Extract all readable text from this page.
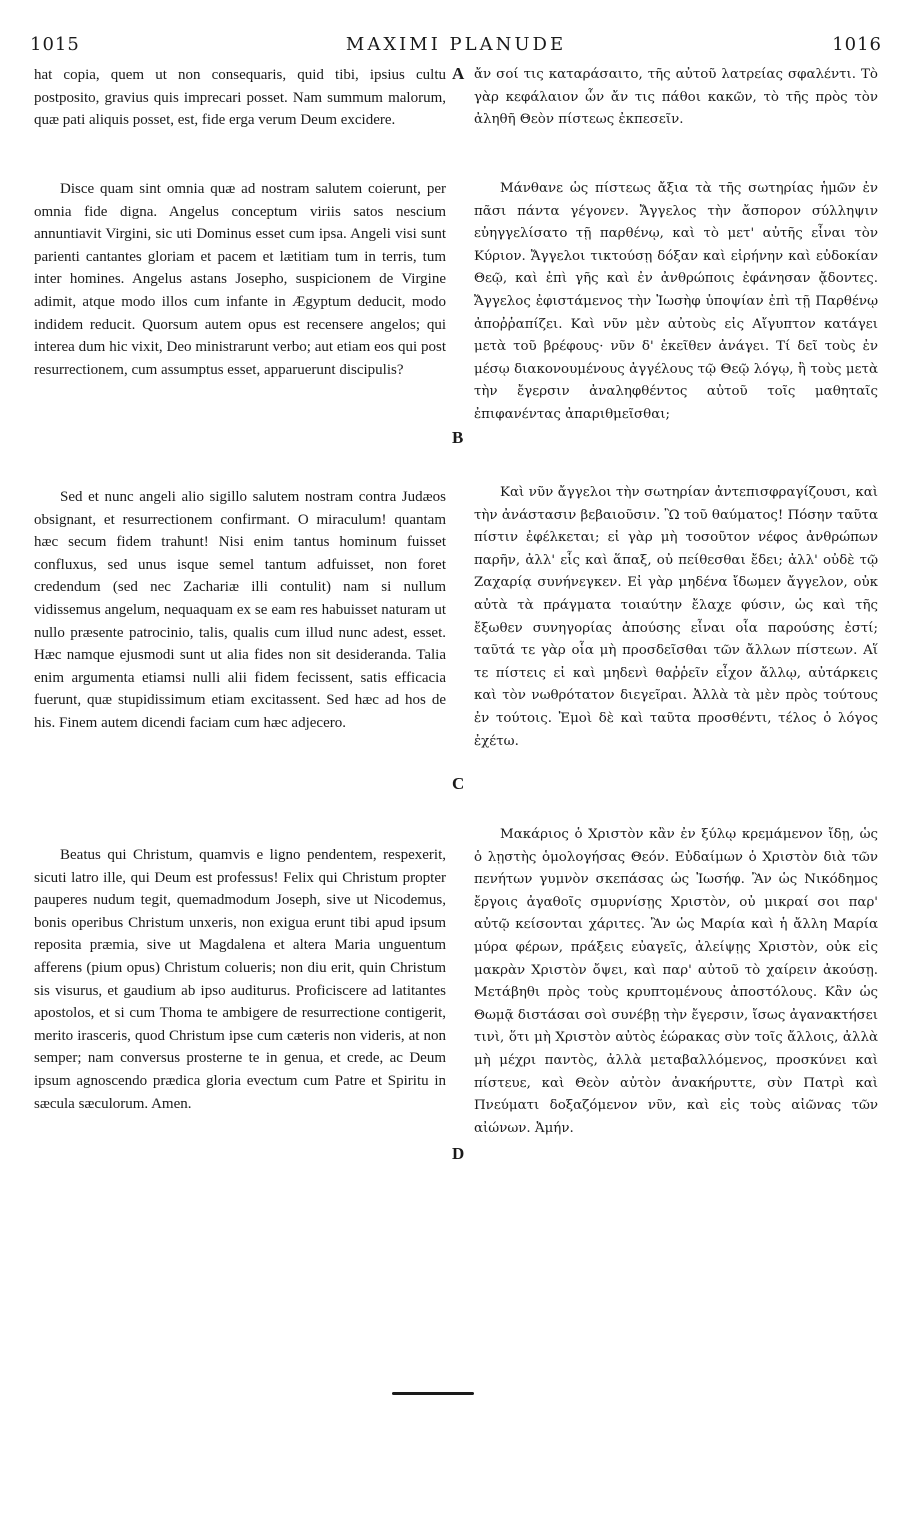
1015	MAXIMI PLANUDE	1016
hat copia, quem ut non consequaris, quid tibi, ipsius cultu postposito, gravius quis imprecari posset. Nam summum malorum, quæ pati aliquis posset, est, fide erga verum Deum excidere.
Disce quam sint omnia quæ ad nostram salutem coierunt, per omnia fide digna. Angelus conceptum viriis satos nescium annuntiavit Virgini, sic uti Dominus esset cum ipsa. Angeli visi sunt parienti cantantes gloriam et pacem et lætitiam tum in terris, tum inter homines. Angelus astans Josepho, suspicionem de Virgine adimit, atque modo illos cum infante in Ægyptum deducit, modo indidem reducit. Quorsum autem opus est recensere angelos; qui interea dum hic vixit, Deo ministrarunt verbo; aut etiam eos qui post resurrectionem, cum assumptus esset, apparuerunt discipulis?
Sed et nunc angeli alio sigillo salutem nostram contra Judæos obsignant, et resurrectionem confirmant. O miraculum! quantam hæc secum fidem trahunt! Nisi enim tantus hominum fuisset confluxus, sed unus isque semel tantum adfuisset, non foret credendum (sed nec Zachariæ illi contulit) nam si nullum vidissemus angelum, nequaquam ex se eam res habuisset naturam ut nullo præsente patrocinio, talis, qualis cum illud nunc adest, esset. Hæc namque ejusmodi sunt ut alia fides non sit desideranda. Talia enim argumenta etiamsi nulli alii fidem fecissent, satis efficacia fuerunt, quæ stupidissimum etiam excitassent. Sed hæc ad hos de his. Finem autem dicendi faciam cum hæc adjecero.
Beatus qui Christum, quamvis e ligno pendentem, respexerit, sicuti latro ille, qui Deum est professus! Felix qui Christum propter pauperes nudum tegit, quemadmodum Joseph, sive ut Nicodemus, bonis operibus Christum unxeris, non exigua erunt tibi apud ipsum reposita præmia, sive ut Magdalena et altera Maria unguentum afferens (pium opus) Christum colueris; non diu erit, quin Christum sis visurus, et gaudium ab ipso auditurus. Proficiscere ad latitantes apostolos, et si cum Thoma te ambigere de resurrectione contigerit, merito irasceris, quod Christum ipse cum cæteris non videris, at non semper; nam conversus prosterne te in genua, et crede, ac Deum ipsum agnoscendo prædica gloria evectum cum Patre et Spiritu in sæcula sæculorum. Amen.
A
B
C
D
ἄν σοί τις καταράσαιτο, τῆς αὐτοῦ λατρείας σφαλέντι. Τὸ γὰρ κεφάλαιον ὧν ἄν τις πάθοι κακῶν, τὸ τῆς πρὸς τὸν ἀληθῆ Θεὸν πίστεως ἐκπεσεῖν.
Μάνθανε ὡς πίστεως ἄξια τὰ τῆς σωτηρίας ἡμῶν ἐν πᾶσι πάντα γέγονεν. Ἄγγελος τὴν ἄσπορον σύλληψιν εὐηγγελίσατο τῇ παρθένῳ, καὶ τὸ μετ' αὐτῆς εἶναι τὸν Κύριον. Ἄγγελοι τικτούσῃ δόξαν καὶ εἰρήνην καὶ εὐδοκίαν Θεῷ, καὶ ἐπὶ γῆς καὶ ἐν ἀνθρώποις ἐφάνησαν ᾄδοντες. Ἄγγελος ἐφιστάμενος τὴν Ἰωσὴφ ὑποψίαν ἐπὶ τῇ Παρθένῳ ἀποῤῥαπίζει. Καὶ νῦν μὲν αὐτοὺς εἰς Αἴγυπτον κατάγει μετὰ τοῦ βρέφους· νῦν δ' ἐκεῖθεν ἀνάγει. Τί δεῖ τοὺς ἐν μέσῳ διακονουμένους ἀγγέλους τῷ Θεῷ λόγῳ, ἢ τοὺς μετὰ τὴν ἔγερσιν ἀναληφθέντος αὐτοῦ τοῖς μαθηταῖς ἐπιφανέντας ἀπαριθμεῖσθαι;
Καὶ νῦν ἄγγελοι τὴν σωτηρίαν ἀντεπισφραγίζουσι, καὶ τὴν ἀνάστασιν βεβαιοῦσιν. Ὢ τοῦ θαύματος! Πόσην ταῦτα πίστιν ἐφέλκεται; εἰ γὰρ μὴ τοσοῦτον νέφος ἀνθρώπων παρῆν, ἀλλ' εἷς καὶ ἅπαξ, οὐ πείθεσθαι ἔδει; ἀλλ' οὐδὲ τῷ Ζαχαρίᾳ συνήνεγκεν. Εἰ γὰρ μηδένα ἴδωμεν ἄγγελον, οὐκ αὐτὰ τὰ πράγματα τοιαύτην ἔλαχε φύσιν, ὡς καὶ τῆς ἔξωθεν συνηγορίας ἀπούσης εἶναι οἷα παρούσης ἐστί; ταῦτά τε γὰρ οἷα μὴ προσδεῖσθαι τῶν ἄλλων πίστεων. Αἵ τε πίστεις εἰ καὶ μηδενὶ θαῤῥεῖν εἶχον ἄλλῳ, αὐτάρκεις καὶ τὸν νωθρότατον διεγεῖραι. Ἀλλὰ τὰ μὲν πρὸς τούτους ἐν τούτοις. Ἐμοὶ δὲ καὶ ταῦτα προσθέντι, τέλος ὁ λόγος ἐχέτω.
Μακάριος ὁ Χριστὸν κἂν ἐν ξύλῳ κρεμάμενον ἴδῃ, ὡς ὁ λῃστὴς ὁμολογήσας Θεόν. Εὐδαίμων ὁ Χριστὸν διὰ τῶν πενήτων γυμνὸν σκεπάσας ὡς Ἰωσήφ. Ἂν ὡς Νικόδημος ἔργοις ἀγαθοῖς σμυρνίσῃς Χριστὸν, οὐ μικραί σοι παρ' αὐτῷ κείσονται χάριτες. Ἂν ὡς Μαρία καὶ ἡ ἄλλη Μαρία μύρα φέρων, πράξεις εὐαγεῖς, ἀλείψῃς Χριστὸν, οὐκ εἰς μακρὰν Χριστὸν ὄψει, καὶ παρ' αὐτοῦ τὸ χαίρειν ἀκούσῃ. Μετάβηθι πρὸς τοὺς κρυπτομένους ἀποστόλους. Κἂν ὡς Θωμᾷ διστάσαι σοὶ συνέβῃ τὴν ἔγερσιν, ἴσως ἀγανακτήσει τινὶ, ὅτι μὴ Χριστὸν αὐτὸς ἑώρακας σὺν τοῖς ἄλλοις, ἀλλὰ μὴ μέχρι παντὸς, ἀλλὰ μεταβαλλόμενος, προσκύνει καὶ πίστευε, καὶ Θεὸν αὐτὸν ἀνακήρυττε, σὺν Πατρὶ καὶ Πνεύματι δοξαζόμενον νῦν, καὶ εἰς τοὺς αἰῶνας τῶν αἰώνων. Ἀμήν.
